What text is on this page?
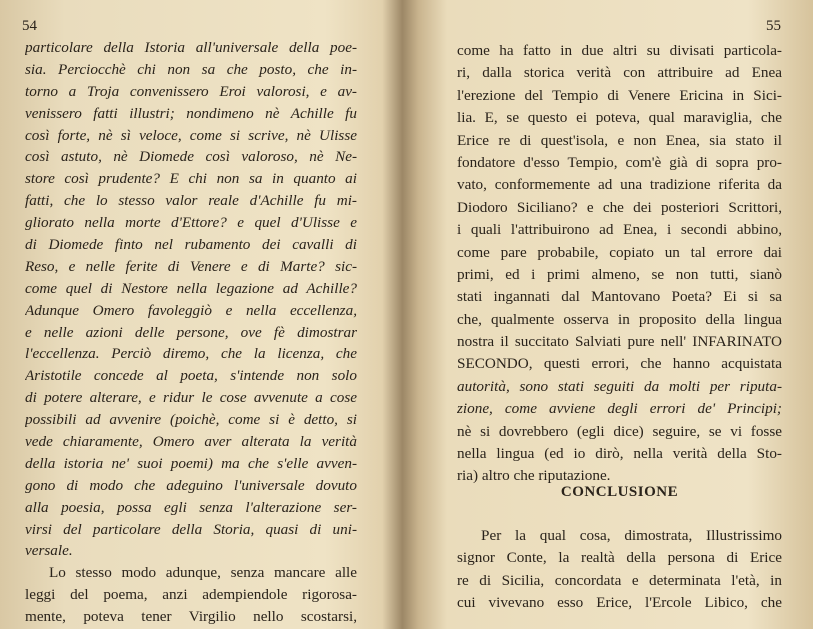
54
particolare della Istoria all'universale della poe-
sia. Perciocchè chi non sa che posto, che in-
torno a Troja convenissero Eroi valorosi, e av-
venissero fatti illustri; nondimeno nè Achille fu
così forte, nè sì veloce, come si scrive, nè Ulisse
così astuto, nè Diomede così valoroso, nè Ne-
store così prudente? E chi non sa in quanto ai
fatti, che lo stesso valor reale d'Achille fu mi-
gliorato nella morte d'Ettore? e quel d'Ulisse e
di Diomede finto nel rubamento dei cavalli di
Reso, e nelle ferite di Venere e di Marte? sic-
come quel di Nestore nella legazione ad Achille?
Adunque Omero favoleggiò e nella eccellenza,
e nelle azioni delle persone, ove fè dimostrar
l'eccellenza. Perciò diremo, che la licenza, che
Aristotile concede al poeta, s'intende non solo
di potere alterare, e ridur le cose avvenute a cose
possibili ad avvenire (poichè, come si è detto, si
vede chiaramente, Omero aver alterata la verità
della istoria ne' suoi poemi) ma che s'elle avven-
gono di modo che adeguino l'universale dovuto
alla poesia, possa egli senza l'alterazione ser-
virsi del particolare della Storia, quasi di uni-
versale.
Lo stesso modo adunque, senza mancare alle
leggi del poema, anzi adempiendole rigorosa-
mente, poteva tener Virgilio nello scostarsi,
55
come ha fatto in due altri su divisati particola-
ri, dalla storica verità con attribuire ad Enea
l'erezione del Tempio di Venere Ericina in Sici-
lia. E, se questo ei poteva, qual maraviglia, che
Erice re di quest'isola, e non Enea, sia stato il
fondatore d'esso Tempio, com'è già di sopra pro-
vato, conformemente ad una tradizione riferita da
Diodoro Siciliano? e che dei posteriori Scrittori,
i quali l'attribuirono ad Enea, i secondi abbino,
come pare probabile, copiato un tal errore dai
primi, ed i primi almeno, se non tutti, sianò
stati ingannati dal Mantovano Poeta? Ei si sa
che, qualmente osserva in proposito della lingua
nostra il succitato Salviati pure nell' INFARINATO
SECONDO, questi errori, che hanno acquistata
autorità, sono stati seguiti da molti per riputa-
zione, come avviene degli errori de' Principi;
nè si dovrebbero (egli dice) seguire, se vi fosse
nella lingua (ed io dirò, nella verità della Sto-
ria) altro che riputazione.
CONCLUSIONE
Per la qual cosa, dimostrata, Illustrissimo
signor Conte, la realtà della persona di Erice
re di Sicilia, concordata e determinata l'età, in
cui vivevano esso Erice, l'Ercole Libico, che
